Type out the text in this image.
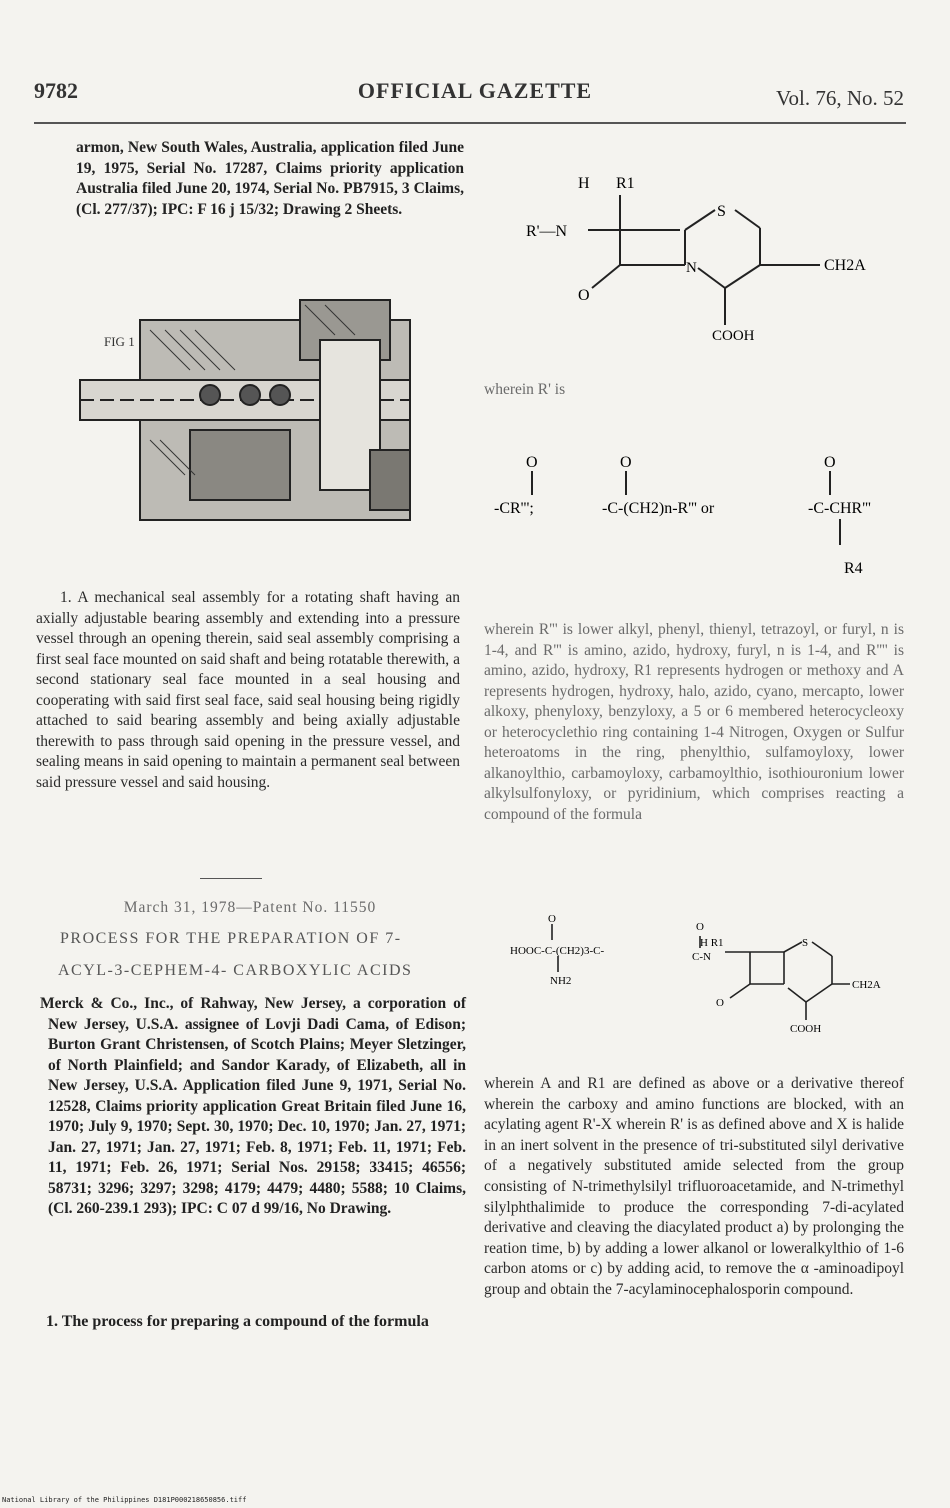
9782	OFFICIAL GAZETTE	Vol. 76, No. 52
armon, New South Wales, Australia, application filed June 19, 1975, Serial No. 17287, Claims priority application Australia filed June 20, 1974, Serial No. PB7915, 3 Claims, (Cl. 277/37); IPC: F 16 j 15/32; Drawing 2 Sheets.
FIG 1
1. A mechanical seal assembly for a rotating shaft having an axially adjustable bearing assembly and extending into a pressure vessel through an opening therein, said seal assembly comprising a first seal face mounted on said shaft and being rotatable therewith, a second stationary seal face mounted in a seal housing and cooperating with said first seal face, said seal housing being rigidly attached to said bearing assembly and being axially adjustable therewith to pass through said opening in the pressure vessel, and sealing means in said opening to maintain a permanent seal between said pressure vessel and said housing.
March 31, 1978—Patent No. 11550
PROCESS FOR THE PREPARATION OF 7-
ACYL-3-CEPHEM-4- CARBOXYLIC ACIDS
Merck & Co., Inc., of Rahway, New Jersey, a corporation of New Jersey, U.S.A. assignee of Lovji Dadi Cama, of Edison; Burton Grant Christensen, of Scotch Plains; Meyer Sletzinger, of North Plainfield; and Sandor Karady, of Elizabeth, all in New Jersey, U.S.A. Application filed June 9, 1971, Serial No. 12528, Claims priority application Great Britain filed June 16, 1970; July 9, 1970; Sept. 30, 1970; Dec. 10, 1970; Jan. 27, 1971; Jan. 27, 1971; Jan. 27, 1971; Feb. 8, 1971; Feb. 11, 1971; Feb. 11, 1971; Feb. 26, 1971; Serial Nos. 29158; 33415; 46556; 58731; 3296; 3297; 3298; 4179; 4479; 4480; 5588; 10 Claims, (Cl. 260-239.1 293); IPC: C 07 d 99/16, No Drawing.
1. The process for preparing a compound of the formula
H R1
R'—N
S
N	CH2A
O
COOH
wherein R' is
O	O	O
-CR''';	-C-(CH2)n-R''' or	-C-CHR'''
R4
wherein R''' is lower alkyl, phenyl, thienyl, tetrazoyl, or furyl, n is 1-4, and R''' is amino, azido, hydroxy, furyl, n is 1-4, and R'''' is amino, azido, hydroxy, R1 represents hydrogen or methoxy and A represents hydrogen, hydroxy, halo, azido, cyano, mercapto, lower alkoxy, phenyloxy, benzyloxy, a 5 or 6 membered heterocycleoxy or heterocyclethio ring containing 1-4 Nitrogen, Oxygen or Sulfur heteroatoms in the ring, phenylthio, sulfamoyloxy, lower alkanoylthio, carbamoyloxy, carbamoylthio, isothiouronium lower alkylsulfonyloxy, or pyridinium, which comprises reacting a compound of the formula
O
HOOC-C-(CH2)3-C-
NH2
O
H R1
C-N
S
CH2A
O
COOH
wherein A and R1 are defined as above or a derivative thereof wherein the carboxy and amino functions are blocked, with an acylating agent R'-X wherein R' is as defined above and X is halide in an inert solvent in the presence of tri-substituted silyl derivative of a negatively substituted amide selected from the group consisting of N-trimethylsilyl trifluoroacetamide, and N-trimethyl silylphthalimide to produce the corresponding 7-di-acylated derivative and cleaving the diacylated product a) by prolonging the reation time, b) by adding a lower alkanol or loweralkylthio of 1-6 carbon atoms or c) by adding acid, to remove the α -aminoadipoyl group and obtain the 7-acylaminocephalosporin compound.
National Library of the Philippines D181P000218650856.tiff
